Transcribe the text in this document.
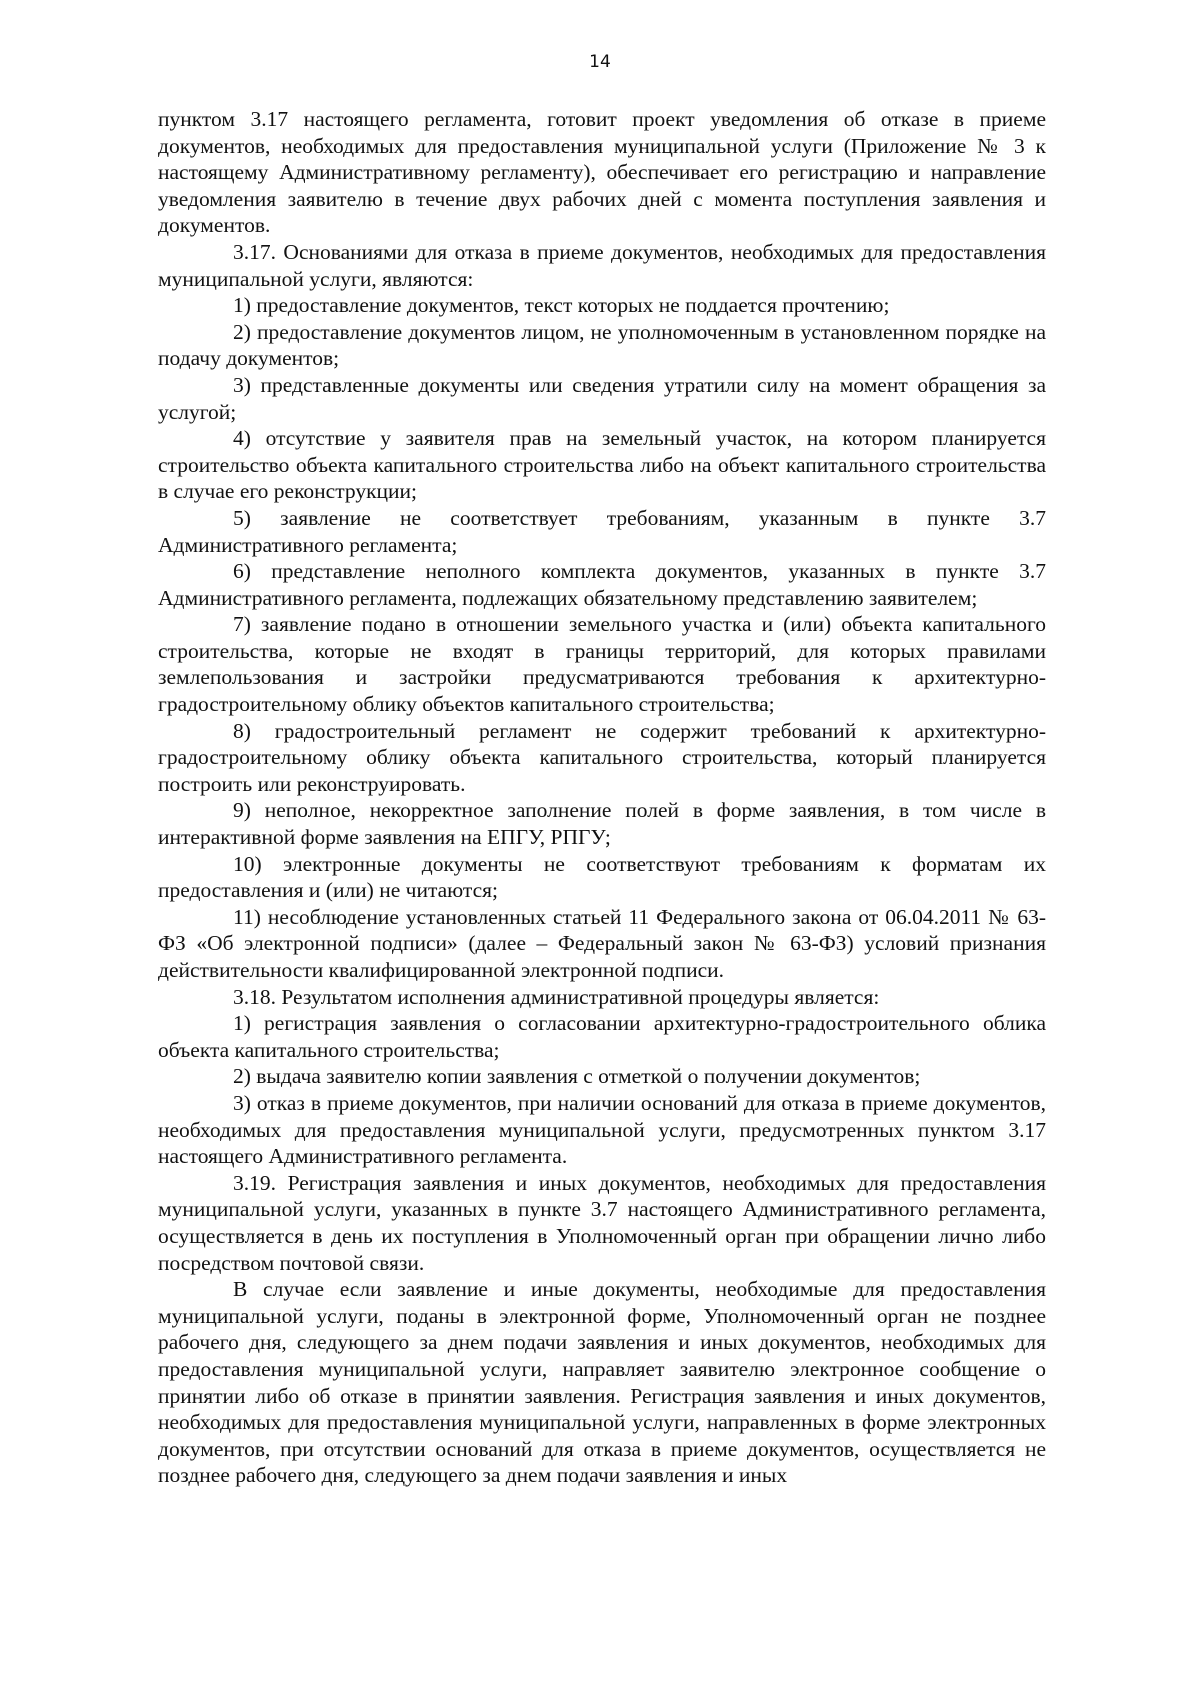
14

пунктом 3.17 настоящего регламента, готовит проект уведомления об отказе в приеме документов, необходимых для предоставления муниципальной услуги (Приложение № 3 к настоящему Административному регламенту), обеспечивает его регистрацию и направление уведомления заявителю в течение двух рабочих дней с момента поступления заявления и документов.

3.17. Основаниями для отказа в приеме документов, необходимых для предоставления муниципальной услуги, являются:

1) предоставление документов, текст которых не поддается прочтению;

2) предоставление документов лицом, не уполномоченным в установленном порядке на подачу документов;

3) представленные документы или сведения утратили силу на момент обращения за услугой;

4) отсутствие у заявителя прав на земельный участок, на котором планируется строительство объекта капитального строительства либо на объект капитального строительства в случае его реконструкции;

5) заявление не соответствует требованиям, указанным в пункте 3.7 Административного регламента;

6) представление неполного комплекта документов, указанных в пункте 3.7 Административного регламента, подлежащих обязательному представлению заявителем;

7) заявление подано в отношении земельного участка и (или) объекта капитального строительства, которые не входят в границы территорий, для которых правилами землепользования и застройки предусматриваются требования к архитектурно-градостроительному облику объектов капитального строительства;

8) градостроительный регламент не содержит требований к архитектурно-градостроительному облику объекта капитального строительства, который планируется построить или реконструировать.

9) неполное, некорректное заполнение полей в форме заявления, в том числе в интерактивной форме заявления на ЕПГУ, РПГУ;

10) электронные документы не соответствуют требованиям к форматам их предоставления и (или) не читаются;

11) несоблюдение установленных статьей 11 Федерального закона от 06.04.2011 № 63-ФЗ «Об электронной подписи» (далее – Федеральный закон № 63-ФЗ) условий признания действительности квалифицированной электронной подписи.

3.18. Результатом исполнения административной процедуры является:

1) регистрация заявления о согласовании архитектурно-градостроительного облика объекта капитального строительства;

2) выдача заявителю копии заявления с отметкой о получении документов;

3) отказ в приеме документов, при наличии оснований для отказа в приеме документов, необходимых для предоставления муниципальной услуги, предусмотренных пунктом 3.17 настоящего Административного регламента.

3.19. Регистрация заявления и иных документов, необходимых для предоставления муниципальной услуги, указанных в пункте 3.7 настоящего Административного регламента, осуществляется в день их поступления в Уполномоченный орган при обращении лично либо посредством почтовой связи.

В случае если заявление и иные документы, необходимые для предоставления муниципальной услуги, поданы в электронной форме, Уполномоченный орган не позднее рабочего дня, следующего за днем подачи заявления и иных документов, необходимых для предоставления муниципальной услуги, направляет заявителю электронное сообщение о принятии либо об отказе в принятии заявления. Регистрация заявления и иных документов, необходимых для предоставления муниципальной услуги, направленных в форме электронных документов, при отсутствии оснований для отказа в приеме документов, осуществляется не позднее рабочего дня, следующего за днем подачи заявления и иных
